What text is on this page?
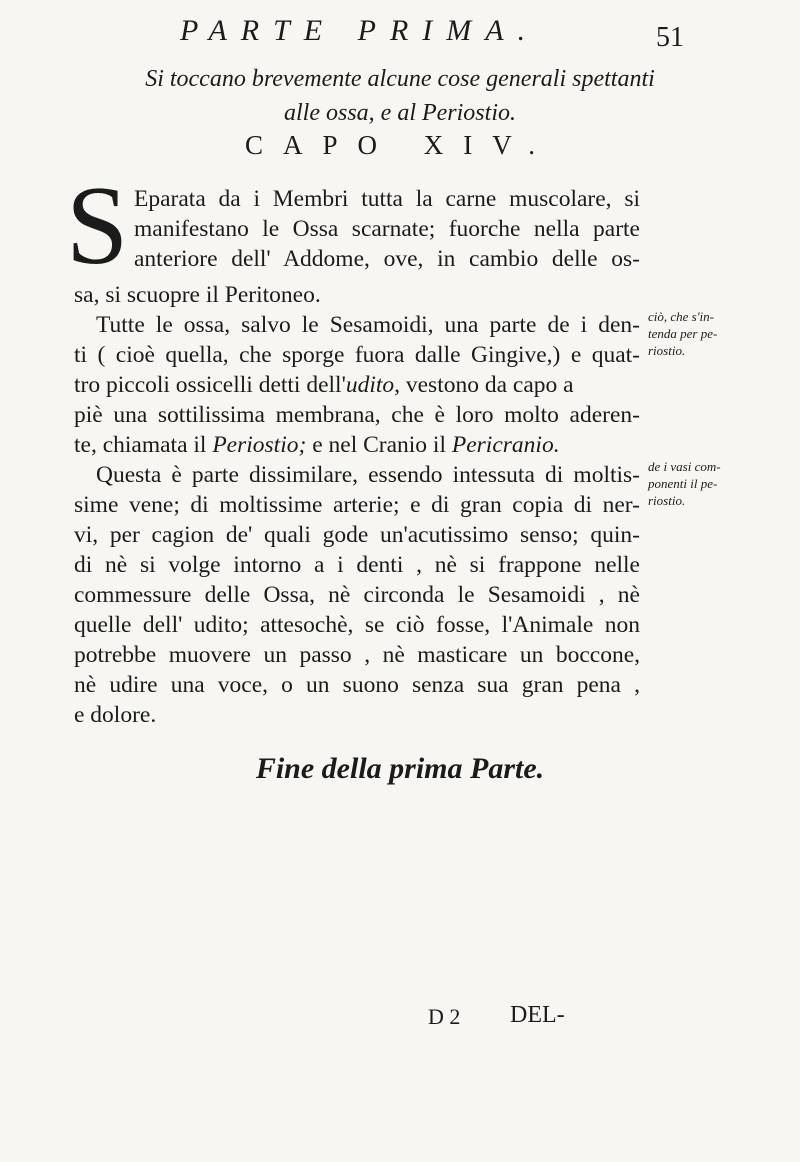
PARTE PRIMA.	51
Si toccano brevemente alcune cose generali spettanti
alle ossa, e al Periostio.
CAPO XIV.
S Eparata da i Membri tutta la carne muscolare, si
manifestano le Ossa scarnate; fuorche nella parte
anteriore dell' Addome, ove, in cambio delle os-
sa, si scuopre il Peritoneo.
Tutte le ossa, salvo le Sesamoidi, una parte de i den-
ti ( cioè quella, che sporge fuora dalle Gingive,) e quat-
tro piccoli ossicelli detti dell'udito, vestono da capo a
piè una sottilissima membrana, che è loro molto aderen-
te, chiamata il Periostio; e nel Cranio il Pericranio.
Questa è parte dissimilare, essendo intessuta di moltis-
sime vene; di moltissime arterie; e di gran copia di ner-
vi, per cagion de' quali gode un'acutissimo senso; quin-
di nè si volge intorno a i denti , nè si frappone nelle
commessure delle Ossa, nè circonda le Sesamoidi , nè
quelle dell' udito; attesochè, se ciò fosse, l'Animale non
potrebbe muovere un passo , nè masticare un boccone,
nè udire una voce, o un suono senza sua gran pena ,
e dolore.
ciò, che s'in-
tenda per pe-
riostio.
de i vasi com-
ponenti il pe-
riostio.
Fine della prima Parte.
D 2 DEL-
